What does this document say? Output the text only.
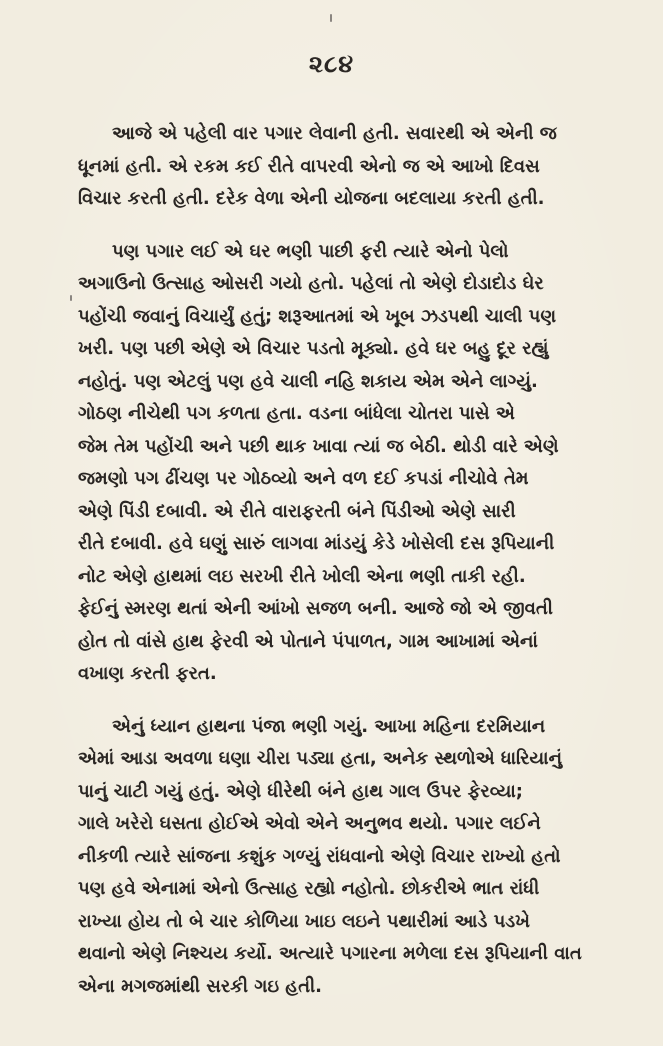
૨૮૪

આજે એ પહેલી વાર પગાર લેવાની હતી. સવારથી એ એની જ
ધૂનમાં હતી. એ રકમ કઈ રીતે વાપરવી એનો જ એ આખો દિવસ
વિચાર કરતી હતી. દરેક વેળા એની યોજના બદલાયા કરતી હતી.

પણ પગાર લઈ એ ઘર ભણી પાછી ફરી ત્યારે એનો પેલો
અગાઉનો ઉત્સાહ ઓસરી ગયો હતો. પહેલાં તો એણે દોડાદોડ ઘેર
પહોંચી જવાનું વિચાર્યું હતું; શરૂઆતમાં એ ખૂબ ઝડપથી ચાલી પણ
ખરી. પણ પછી એણે એ વિચાર પડતો મૂક્યો. હવે ઘર બહુ દૂર રહ્યું
નહોતું. પણ એટલું પણ હવે ચાલી નહિ શકાય એમ એને લાગ્યું.
ગોઠણ નીચેથી પગ કળતા હતા. વડના બાંધેલા ચોતરા પાસે એ
જેમ તેમ પહોંચી અને પછી થાક ખાવા ત્યાં જ બેઠી. થોડી વારે એણે
જમણો પગ ઢીંચણ પર ગોઠવ્યો અને વળ દઈ કપડાં નીચોવે તેમ
એણે પિંડી દબાવી. એ રીતે વારાફરતી બંને પિંડીઓ એણે સારી
રીતે દબાવી. હવે ઘણું સારું લાગવા માંડયું કેડે ખોસેલી દસ રૂપિયાની
નોટ એણે હાથમાં લઇ સરખી રીતે ખોલી એના ભણી તાકી રહી.
ફેઈનું સ્મરણ થતાં એની આંખો સજળ બની. આજે જો એ જીવતી
હોત તો વાંસે હાથ ફેરવી એ પોતાને પંપાળત, ગામ આખામાં એનાં
વખાણ કરતી ફરત.

એનું ધ્યાન હાથના પંજા ભણી ગયું. આખા મહિના દરમિયાન
એમાં આડા અવળા ઘણા ચીરા પડ્યા હતા, અનેક સ્થળોએ ધારિયાનું
પાનું ચાટી ગયું હતું. એણે ધીરેથી બંને હાથ ગાલ ઉપર ફેરવ્યા;
ગાલે ખરેરો ઘસતા હોઈએ એવો એને અનુભવ થયો. પગાર લઈને
નીકળી ત્યારે સાંજના કશુંક ગળ્યું રાંધવાનો એણે વિચાર રાખ્યો હતો
પણ હવે એનામાં એનો ઉત્સાહ રહ્યો નહોતો. છોકરીએ ભાત રાંધી
રાખ્યા હોય તો બે ચાર કોળિયા ખાઇ લઇને પથારીમાં આડે પડખે
થવાનો એણે નિશ્ચય કર્યો. અત્યારે પગારના મળેલા દસ રૂપિયાની વાત
એના મગજમાંથી સરકી ગઇ હતી.
